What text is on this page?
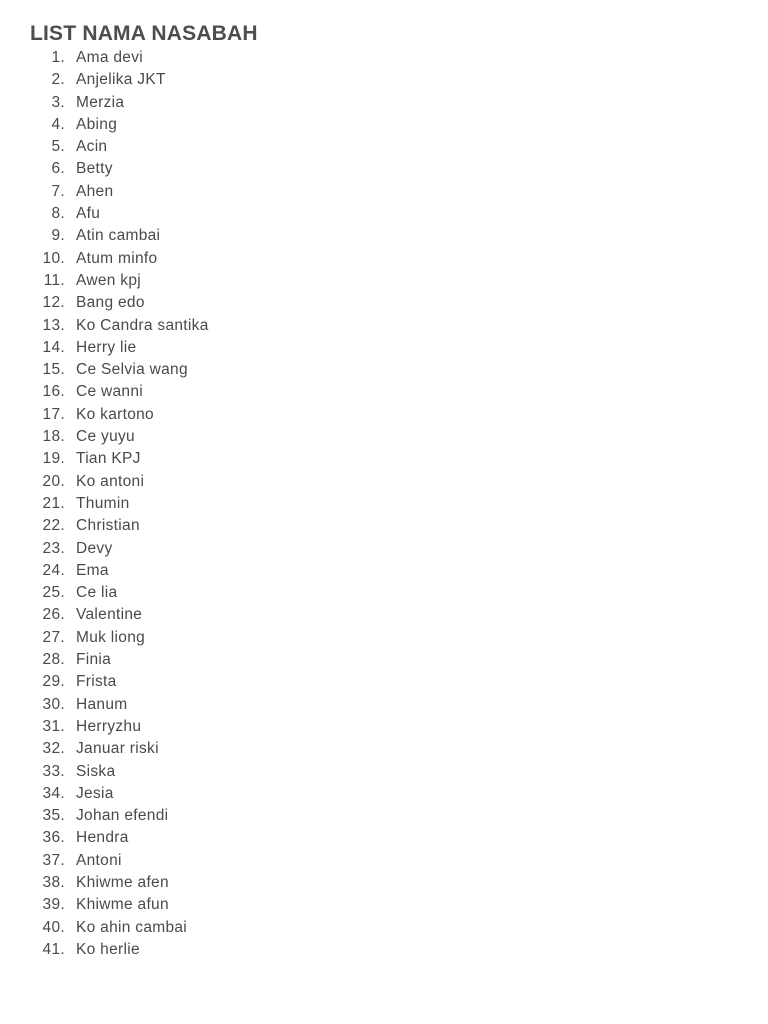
LIST NAMA NASABAH
1. Ama devi
2. Anjelika JKT
3. Merzia
4. Abing
5. Acin
6. Betty
7. Ahen
8. Afu
9. Atin cambai
10. Atum minfo
11. Awen kpj
12. Bang edo
13. Ko Candra santika
14. Herry lie
15. Ce Selvia wang
16. Ce wanni
17. Ko kartono
18. Ce yuyu
19. Tian KPJ
20. Ko antoni
21. Thumin
22. Christian
23. Devy
24. Ema
25. Ce lia
26. Valentine
27. Muk liong
28. Finia
29. Frista
30. Hanum
31. Herryzhu
32. Januar riski
33. Siska
34. Jesia
35. Johan efendi
36. Hendra
37. Antoni
38. Khiwme afen
39. Khiwme afun
40. Ko ahin cambai
41. Ko herlie
